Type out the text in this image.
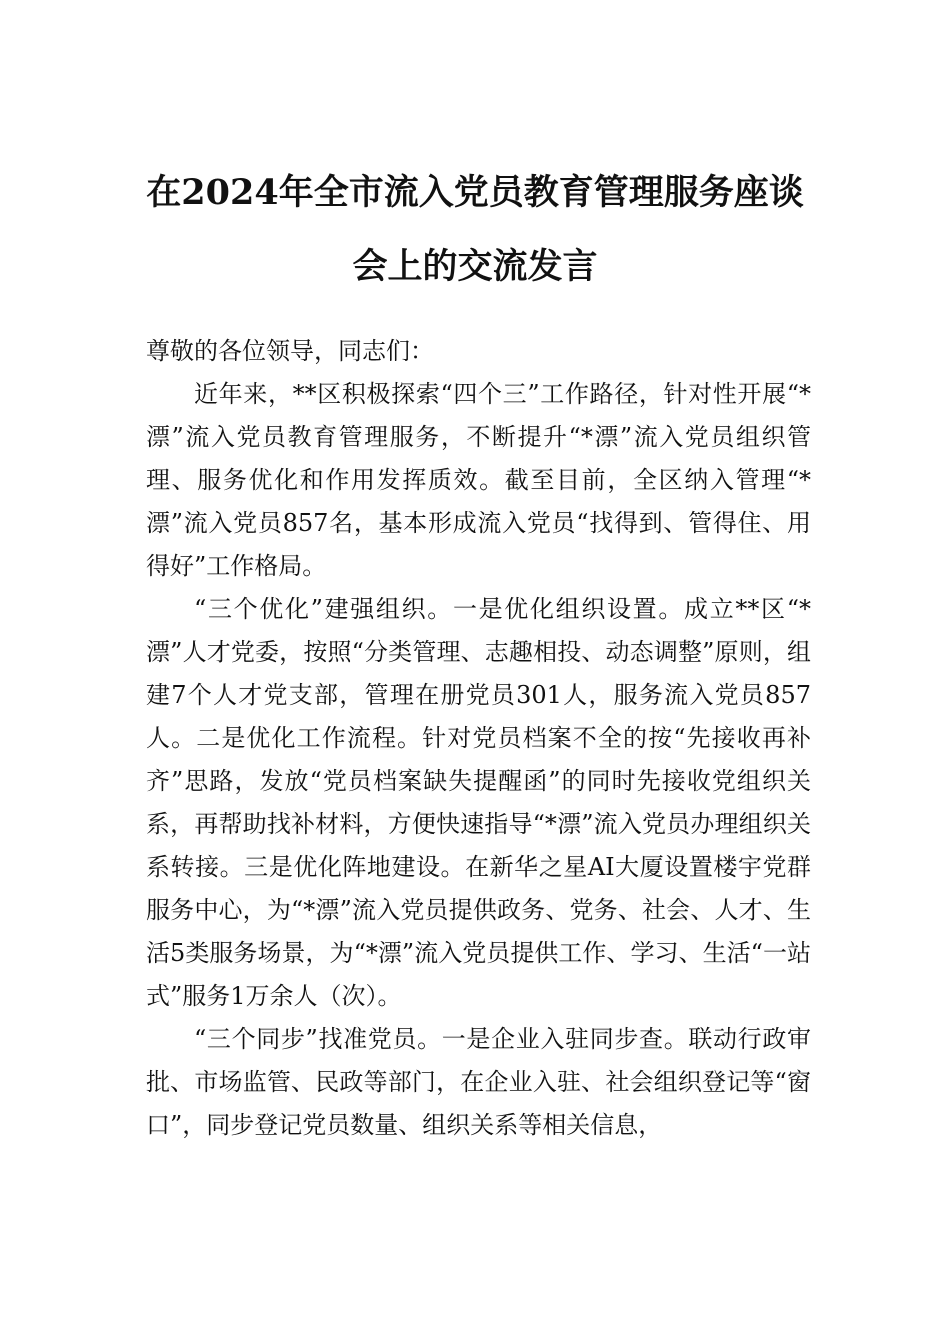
在2024年全市流入党员教育管理服务座谈
会上的交流发言

尊敬的各位领导，同志们：

近年来，**区积极探索“四个三”工作路径，针对性开展“*漂”流入党员教育管理服务，不断提升“*漂”流入党员组织管理、服务优化和作用发挥质效。截至目前，全区纳入管理“*漂”流入党员857名，基本形成流入党员“找得到、管得住、用得好”工作格局。

“三个优化”建强组织。一是优化组织设置。成立**区“*漂”人才党委，按照“分类管理、志趣相投、动态调整”原则，组建7个人才党支部，管理在册党员301人，服务流入党员857人。二是优化工作流程。针对党员档案不全的按“先接收再补齐”思路，发放“党员档案缺失提醒函”的同时先接收党组织关系，再帮助找补材料，方便快速指导“*漂”流入党员办理组织关系转接。三是优化阵地建设。在新华之星AI大厦设置楼宇党群服务中心，为“*漂”流入党员提供政务、党务、社会、人才、生活5类服务场景，为“*漂”流入党员提供工作、学习、生活“一站式”服务1万余人（次）。

“三个同步”找准党员。一是企业入驻同步查。联动行政审批、市场监管、民政等部门，在企业入驻、社会组织登记等“窗口”，同步登记党员数量、组织关系等相关信息，
